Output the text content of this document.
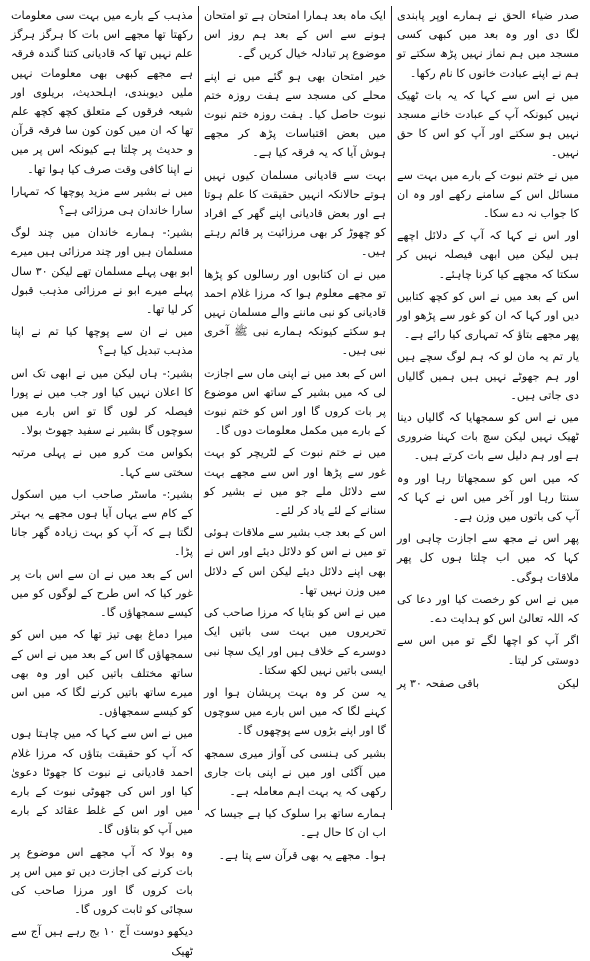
مذہب کے بارے میں بہت سی معلومات رکھتا تھا مجھے اس بات کا ہرگز ہرگز علم نہیں تھا کہ قادیانی کتنا گندہ فرقہ ہے مجھے کبھی بھی معلومات نہیں ملیں دیوبندی، اہلحدیث، بریلوی اور شیعہ فرقوں کے متعلق کچھ کچھ علم تھا کہ ان میں کون کون سا فرقہ قرآن و حدیث پر چلتا ہے کیونکہ اس پر میں نے اپنا کافی وقت صرف کیا ہوا تھا۔

میں نے بشیر سے مزید پوچھا کہ تمہارا سارا خاندان ہی مرزائی ہے؟

بشیر:- ہمارے خاندان میں چند لوگ مسلمان ہیں اور چند مرزائی ہیں میرے ابو بھی پہلے مسلمان تھے لیکن ۳۰ سال پہلے میرے ابو نے مرزائی مذہب قبول کر لیا تھا۔

میں نے ان سے پوچھا کیا تم نے اپنا مذہب تبدیل کیا ہے؟

بشیر:- ہاں لیکن میں نے ابھی تک اس کا اعلان نہیں کیا اور جب میں نے پورا فیصلہ کر لوں گا تو اس بارے میں سوچوں گا بشیر نے سفید جھوٹ بولا۔

بکواس مت کرو میں نے پہلی مرتبہ سختی سے کہا۔

بشیر:- ماسٹر صاحب اب میں اسکول کے کام سے یہاں آیا ہوں مجھے یہ بہتر لگتا ہے کہ آپ کو بہت زیادہ گھر جانا پڑا۔

اس کے بعد میں نے ان سے اس بات پر غور کیا کہ اس طرح کے لوگوں کو میں کیسے سمجھاؤں گا۔

میرا دماغ بھی تیز تھا کہ میں اس کو سمجھاؤں گا اس کے بعد میں نے اس کے ساتھ مختلف باتیں کیں اور وہ بھی میرے ساتھ باتیں کرنے لگا کہ میں اس کو کیسے سمجھاؤں۔

میں نے اس سے کہا کہ میں چاہتا ہوں کہ آپ کو حقیقت بتاؤں کہ مرزا غلام احمد قادیانی نے نبوت کا جھوٹا دعویٰ کیا اور اس کی جھوٹی نبوت کے بارے میں اور اس کے غلط عقائد کے بارے میں آپ کو بتاؤں گا۔

وہ بولا کہ آپ مجھے اس موضوع پر بات کرنے کی اجازت دیں تو میں اس پر بات کروں گا اور مرزا صاحب کی سچائی کو ثابت کروں گا۔

دیکھو دوست آج ۱۰ بج رہے ہیں آج سے ٹھیک

ایک ماہ بعد ہمارا امتحان ہے تو امتحان ہونے سے اس کے بعد ہم روز اس موضوع پر تبادلہ خیال کریں گے۔

خیر امتحان بھی ہو گئے میں نے اپنے محلے کی مسجد سے ہفت روزہ ختم نبوت حاصل کیا۔ ہفت روزہ ختم نبوت میں بعض اقتباسات پڑھ کر مجھے ہوش آیا کہ یہ فرقہ کیا ہے۔

بہت سے قادیانی مسلمان کیوں نہیں ہوتے حالانکہ انہیں حقیقت کا علم ہوتا ہے اور بعض قادیانی اپنے گھر کے افراد کو چھوڑ کر بھی مرزائیت پر قائم رہتے ہیں۔

میں نے ان کتابوں اور رسالوں کو پڑھا تو مجھے معلوم ہوا کہ مرزا غلام احمد قادیانی کو نبی ماننے والے مسلمان نہیں ہو سکتے کیونکہ ہمارے نبی ﷺ آخری نبی ہیں۔

اس کے بعد میں نے اپنی ماں سے اجازت لی کہ میں بشیر کے ساتھ اس موضوع پر بات کروں گا اور اس کو ختم نبوت کے بارے میں مکمل معلومات دوں گا۔

میں نے ختم نبوت کے لٹریچر کو بہت غور سے پڑھا اور اس سے مجھے بہت سے دلائل ملے جو میں نے بشیر کو سنانے کے لئے یاد کر لئے۔

اس کے بعد جب بشیر سے ملاقات ہوئی تو میں نے اس کو دلائل دیئے اور اس نے بھی اپنے دلائل دیئے لیکن اس کے دلائل میں وزن نہیں تھا۔

میں نے اس کو بتایا کہ مرزا صاحب کی تحریروں میں بہت سی باتیں ایک دوسرے کے خلاف ہیں اور ایک سچا نبی ایسی باتیں نہیں لکھ سکتا۔

یہ سن کر وہ بہت پریشان ہوا اور کہنے لگا کہ میں اس بارے میں سوچوں گا اور اپنے بڑوں سے پوچھوں گا۔

بشیر کی ہنسی کی آواز میری سمجھ میں آگئی اور میں نے اپنی بات جاری رکھی کہ یہ بہت اہم معاملہ ہے۔

ہمارے ساتھ برا سلوک کیا ہے جیسا کہ اب ان کا حال ہے۔

ہوا۔ مجھے یہ بھی قرآن سے پتا ہے۔

صدر ضیاء الحق نے ہمارے اوپر پابندی لگا دی اور وہ بعد میں کبھی کسی مسجد میں ہم نماز نہیں پڑھ سکتے تو ہم نے اپنے عبادت خانوں کا نام رکھا۔

میں نے اس سے کہا کہ یہ بات ٹھیک نہیں کیونکہ آپ کے عبادت خانے مسجد نہیں ہو سکتے اور آپ کو اس کا حق نہیں۔

میں نے ختم نبوت کے بارے میں بہت سے مسائل اس کے سامنے رکھے اور وہ ان کا جواب نہ دے سکا۔

اور اس نے کہا کہ آپ کے دلائل اچھے ہیں لیکن میں ابھی فیصلہ نہیں کر سکتا کہ مجھے کیا کرنا چاہئے۔

اس کے بعد میں نے اس کو کچھ کتابیں دیں اور کہا کہ ان کو غور سے پڑھو اور پھر مجھے بتاؤ کہ تمہاری کیا رائے ہے۔

یار تم یہ مان لو کہ ہم لوگ سچے ہیں اور ہم جھوٹے نہیں ہیں ہمیں گالیاں دی جاتی ہیں۔

میں نے اس کو سمجھایا کہ گالیاں دینا ٹھیک نہیں لیکن سچ بات کہنا ضروری ہے اور ہم دلیل سے بات کرتے ہیں۔

کہ میں اس کو سمجھاتا رہا اور وہ سنتا رہا اور آخر میں اس نے کہا کہ آپ کی باتوں میں وزن ہے۔

پھر اس نے مجھ سے اجازت چاہی اور کہا کہ میں اب چلتا ہوں کل پھر ملاقات ہوگی۔

میں نے اس کو رخصت کیا اور دعا کی کہ اللہ تعالیٰ اس کو ہدایت دے۔

اگر آپ کو اچھا لگے تو میں اس سے دوستی کر لیتا۔

لیکن
باقی صفحہ ۳۰ پر
